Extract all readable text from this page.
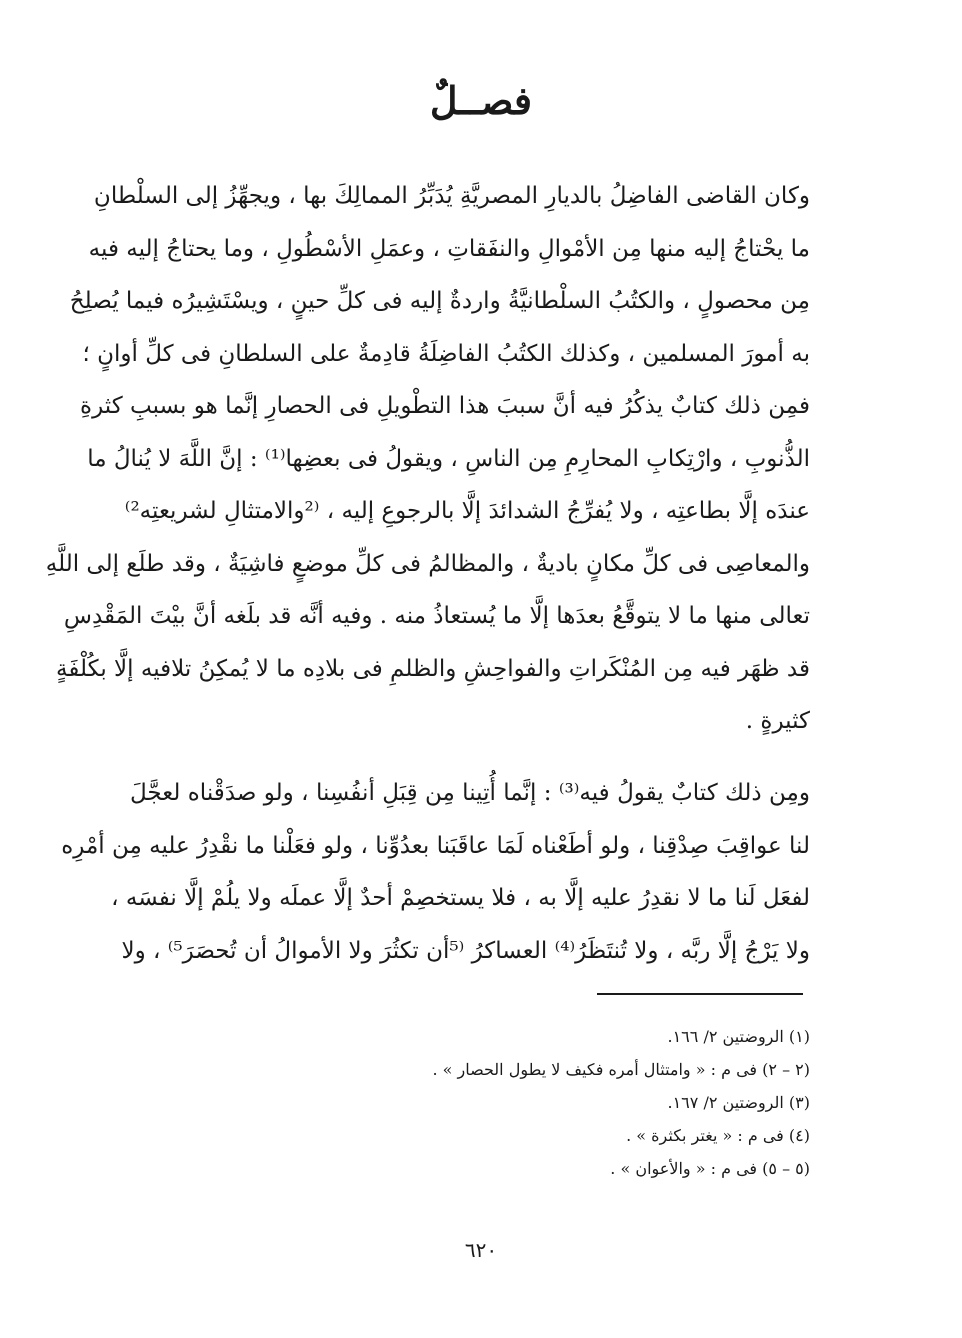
فصــلٌ
وكان القاضى الفاضِلُ بالديارِ المصريَّةِ يُدَبِّرُ الممالِكَ بها ، ويجهِّزُ إلى السلْطانِ
ما يحْتاجُ إليه منها مِن الأمْوالِ والنفَقاتِ ، وعمَلِ الأسْطُولِ ، وما يحتاجُ إليه فيه
مِن محصولٍ ، والكتُبُ السلْطانيَّةُ واردةٌ إليه فى كلِّ حينٍ ، ويسْتَشِيرُه فيما يُصلِحُ
به أمورَ المسلمين ، وكذلك الكتُبُ الفاضِلَةُ قادِمةٌ على السلطانِ فى كلِّ أوانٍ ؛
فمِن ذلك كتابٌ يذكُرُ فيه أنَّ سببَ هذا التطْويلِ فى الحصارِ إنَّما هو بسببِ كثرةِ
الذُّنوبِ ، وارْتِكابِ المحارِمِ مِن الناسِ ، ويقولُ فى بعضِها⁽¹⁾ : إنَّ اللَّهَ لا يُنالُ ما
عندَه إلَّا بطاعتِه ، ولا يُفرِّجُ الشدائدَ إلَّا بالرجوعِ إليه ، ⁽²والامتثالِ لشريعتِه²⁾
والمعاصِى فى كلِّ مكانٍ باديةٌ ، والمظالمُ فى كلِّ موضعٍ فاشِيَةٌ ، وقد طلَع إلى اللَّهِ
تعالى منها ما لا يتوقَّعُ بعدَها إلَّا ما يُستعاذُ منه . وفيه أنَّه قد بلَغه أنَّ بيْتَ المَقْدِسِ
قد ظهَر فيه مِن المُنْكَراتِ والفواحِشِ والظلمِ فى بلادِه ما لا يُمكِنُ تلافيه إلَّا بكُلْفَةٍ
كثيرةٍ .
ومِن ذلك كتابٌ يقولُ فيه⁽³⁾ : إنَّما أُتِينا مِن قِبَلِ أنفُسِنا ، ولو صدَقْناه لعجَّلَ
لنا عواقِبَ صِدْقِنا ، ولو أطَعْناه لَمَا عاقَبَنا بعدُوِّنا ، ولو فعَلْنا ما نقْدِرُ عليه مِن أمْرِه
لفعَل لَنا ما لا نقدِرُ عليه إلَّا به ، فلا يستخصِمْ أحدٌ إلَّا عملَه ولا يلُمْ إلَّا نفسَه ،
ولا يَرْجُ إلَّا ربَّه ، ولا تُنتَظَرُ⁽⁴⁾ العساكرُ ⁽⁵أن تكثُرَ ولا الأموالُ أن تُحصَرَ⁵⁾ ، ولا
(١) الروضتين ٢/ ١٦٦.
(٢ – ٢) فى م : « وامتثال أمره فكيف لا يطول الحصار » .
(٣) الروضتين ٢/ ١٦٧.
(٤) فى م : « يغتر بكثرة » .
(٥ – ٥) فى م : « والأعوان » .
٦٢٠
